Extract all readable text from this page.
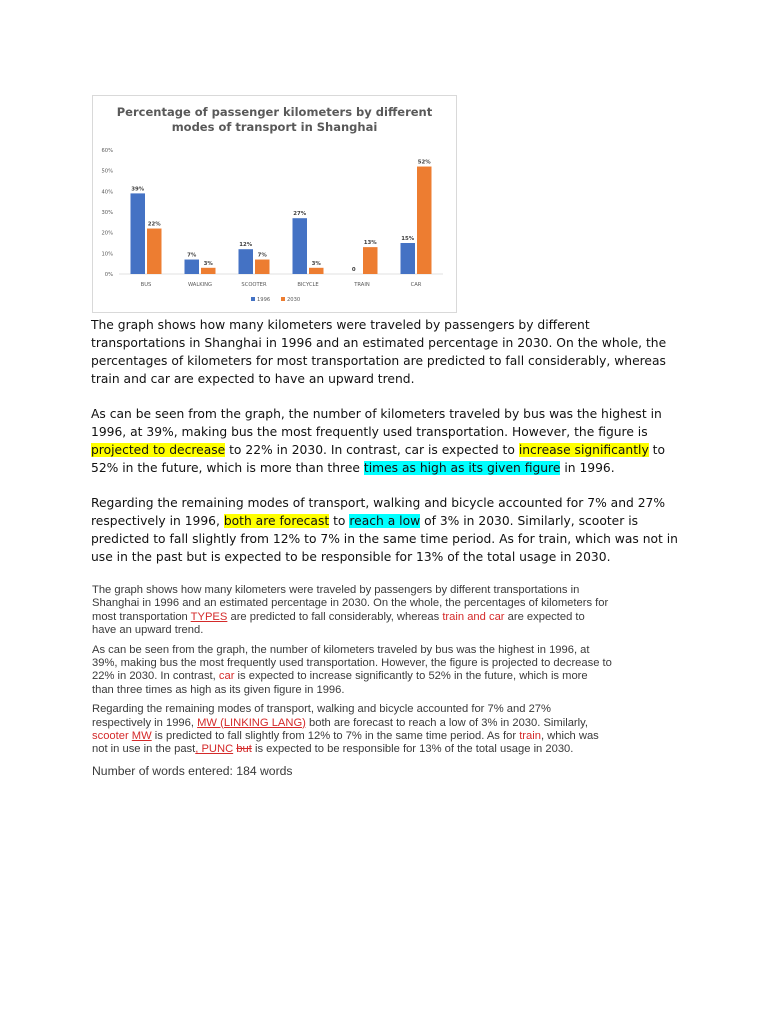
Percentage of passenger kilometers by different
modes of transport in Shanghai
0%
10%
20%
30%
40%
50%
60%
BUS
39%
22%
WALKING
7%
3%
SCOOTER
12%
7%
BICYCLE
27%
3%
TRAIN
0
13%
CAR
15%
52%
1996	2030

The graph shows how many kilometers were traveled by passengers by different transportations in Shanghai in 1996 and an estimated percentage in 2030. On the whole, the percentages of kilometers for most transportation are predicted to fall considerably, whereas train and car are expected to have an upward trend.

As can be seen from the graph, the number of kilometers traveled by bus was the highest in 1996, at 39%, making bus the most frequently used transportation. However, the figure is projected to decrease to 22% in 2030. In contrast, car is expected to increase significantly to 52% in the future, which is more than three times as high as its given figure in 1996.

Regarding the remaining modes of transport, walking and bicycle accounted for 7% and 27% respectively in 1996, both are forecast to reach a low of 3% in 2030. Similarly, scooter is predicted to fall slightly from 12% to 7% in the same time period. As for train, which was not in use in the past but is expected to be responsible for 13% of the total usage in 2030.

The graph shows how many kilometers were traveled by passengers by different transportations in Shanghai in 1996 and an estimated percentage in 2030. On the whole, the percentages of kilometers for most transportation TYPES are predicted to fall considerably, whereas train and car are expected to have an upward trend.

As can be seen from the graph, the number of kilometers traveled by bus was the highest in 1996, at 39%, making bus the most frequently used transportation. However, the figure is projected to decrease to 22% in 2030. In contrast, car is expected to increase significantly to 52% in the future, which is more than three times as high as its given figure in 1996.

Regarding the remaining modes of transport, walking and bicycle accounted for 7% and 27% respectively in 1996, MW (LINKING LANG) both are forecast to reach a low of 3% in 2030. Similarly, scooter MW is predicted to fall slightly from 12% to 7% in the same time period. As for train, which was not in use in the past, PUNC but is expected to be responsible for 13% of the total usage in 2030.

Number of words entered: 184 words
